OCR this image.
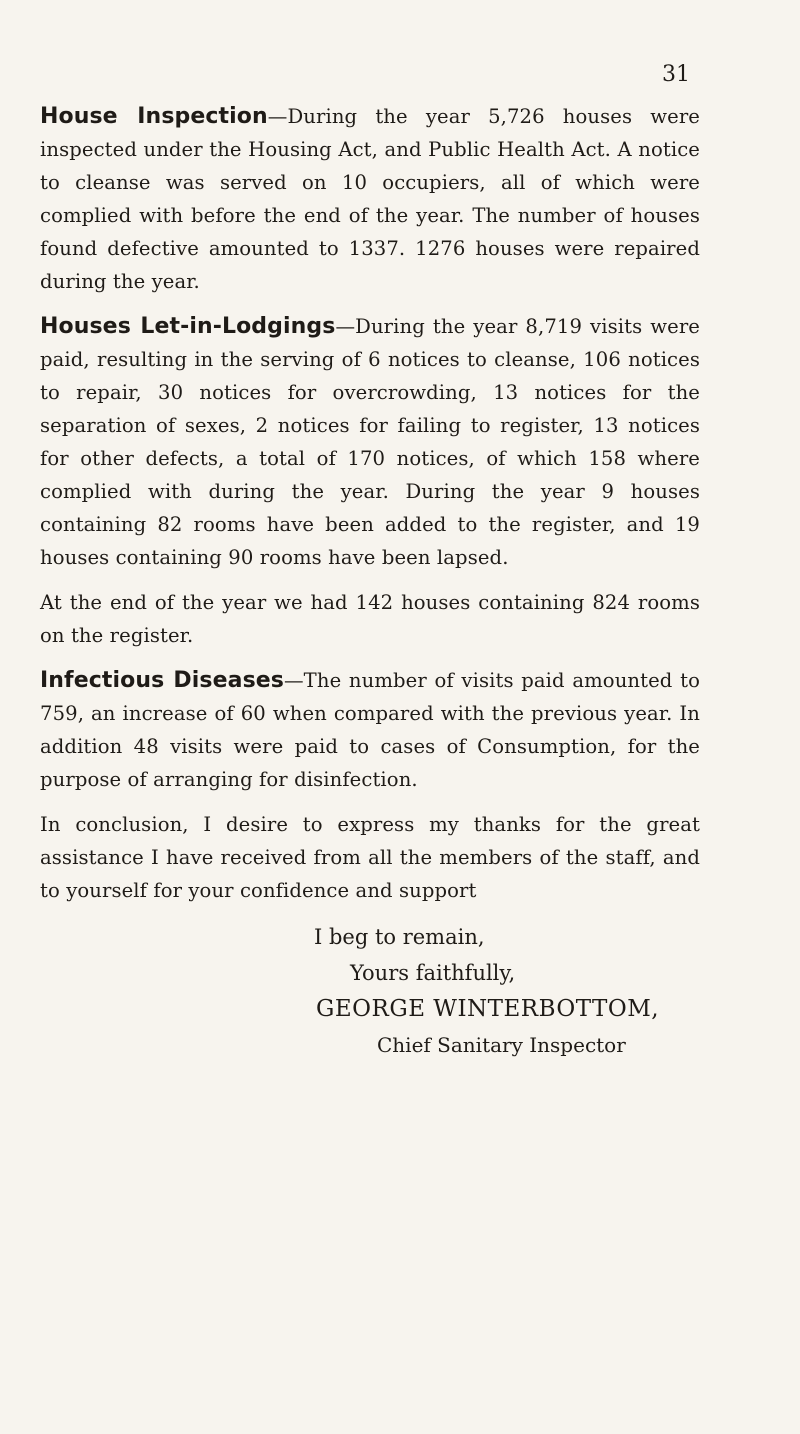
31

House Inspection—During the year 5,726 houses were inspected under the Housing Act, and Public Health Act. A notice to cleanse was served on 10 occupiers, all of which were complied with before the end of the year. The number of houses found defective amounted to 1337. 1276 houses were repaired during the year.

Houses Let-in-Lodgings—During the year 8,719 visits were paid, resulting in the serving of 6 notices to cleanse, 106 notices to repair, 30 notices for overcrowding, 13 notices for the separation of sexes, 2 notices for failing to register, 13 notices for other defects, a total of 170 notices, of which 158 where complied with during the year. During the year 9 houses containing 82 rooms have been added to the register, and 19 houses containing 90 rooms have been lapsed.

At the end of the year we had 142 houses containing 824 rooms on the register.

Infectious Diseases—The number of visits paid amounted to 759, an increase of 60 when compared with the previous year. In addition 48 visits were paid to cases of Consumption, for the purpose of arranging for disinfection.

In conclusion, I desire to express my thanks for the great assistance I have received from all the members of the staff, and to yourself for your confidence and support

I beg to remain,
Yours faithfully,
GEORGE WINTERBOTTOM,
Chief Sanitary Inspector
